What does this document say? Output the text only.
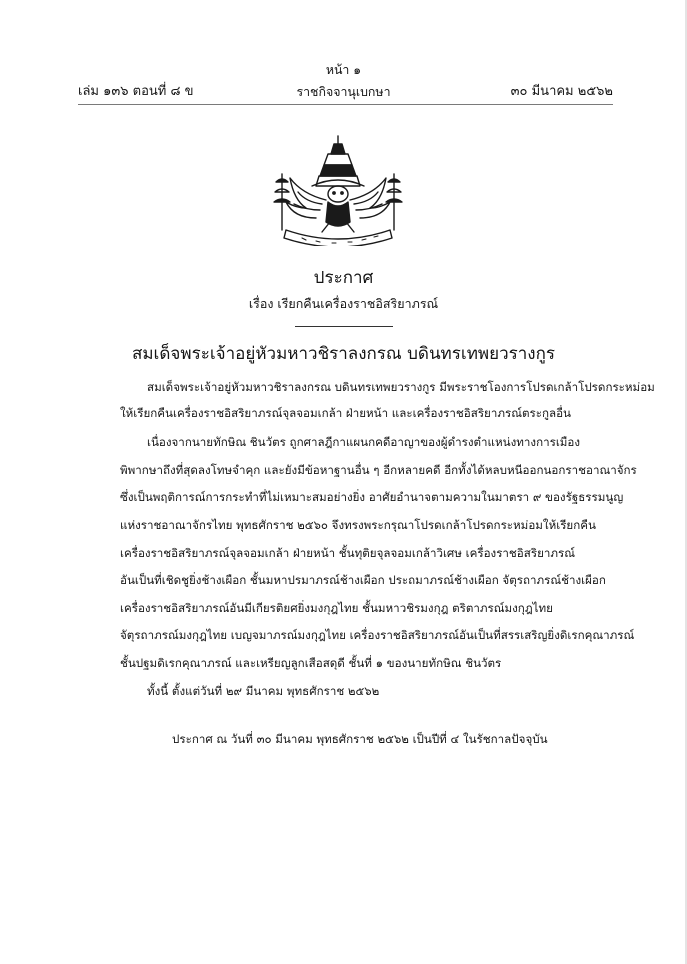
หน้า ๑
เล่ม ๑๓๖ ตอนที่ ๘ ข	ราชกิจจานุเบกษา	๓๐ มีนาคม ๒๕๖๒
ประกาศ
เรื่อง เรียกคืนเครื่องราชอิสริยาภรณ์
สมเด็จพระเจ้าอยู่หัวมหาวชิราลงกรณ บดินทรเทพยวรางกูร
สมเด็จพระเจ้าอยู่หัวมหาวชิราลงกรณ บดินทรเทพยวรางกูร มีพระราชโองการโปรดเกล้าโปรดกระหม่อม
ให้เรียกคืนเครื่องราชอิสริยาภรณ์จุลจอมเกล้า ฝ่ายหน้า และเครื่องราชอิสริยาภรณ์ตระกูลอื่น
เนื่องจากนายทักษิณ ชินวัตร ถูกศาลฎีกาแผนกคดีอาญาของผู้ดำรงตำแหน่งทางการเมือง
พิพากษาถึงที่สุดลงโทษจำคุก และยังมีข้อหาฐานอื่น ๆ อีกหลายคดี อีกทั้งได้หลบหนีออกนอกราชอาณาจักร
ซึ่งเป็นพฤติการณ์การกระทำที่ไม่เหมาะสมอย่างยิ่ง อาศัยอำนาจตามความในมาตรา ๙ ของรัฐธรรมนูญ
แห่งราชอาณาจักรไทย พุทธศักราช ๒๕๖๐ จึงทรงพระกรุณาโปรดเกล้าโปรดกระหม่อมให้เรียกคืน
เครื่องราชอิสริยาภรณ์จุลจอมเกล้า ฝ่ายหน้า ชั้นทุติยจุลจอมเกล้าวิเศษ เครื่องราชอิสริยาภรณ์
อันเป็นที่เชิดชูยิ่งช้างเผือก ชั้นมหาปรมาภรณ์ช้างเผือก ประถมาภรณ์ช้างเผือก จัตุรถาภรณ์ช้างเผือก
เครื่องราชอิสริยาภรณ์อันมีเกียรติยศยิ่งมงกุฎไทย ชั้นมหาวชิรมงกุฎ ตริตาภรณ์มงกุฎไทย
จัตุรถาภรณ์มงกุฎไทย เบญจมาภรณ์มงกุฎไทย เครื่องราชอิสริยาภรณ์อันเป็นที่สรรเสริญยิ่งดิเรกคุณาภรณ์
ชั้นปฐมดิเรกคุณาภรณ์ และเหรียญลูกเสือสดุดี ชั้นที่ ๑ ของนายทักษิณ ชินวัตร
ทั้งนี้ ตั้งแต่วันที่ ๒๙ มีนาคม พุทธศักราช ๒๕๖๒
ประกาศ ณ วันที่ ๓๐ มีนาคม พุทธศักราช ๒๕๖๒ เป็นปีที่ ๔ ในรัชกาลปัจจุบัน
